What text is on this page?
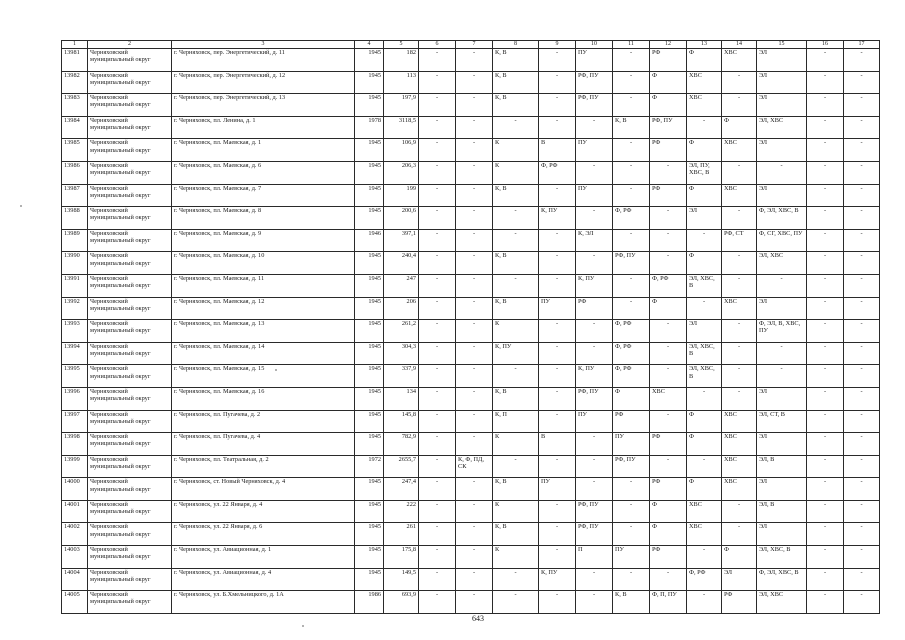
1	2	3	4	5	6	7	8	9	10	11	12	13	14	15	16	17
13981	Черняховский муниципальный округ	г. Черняховск, пер. Энергетический, д. 11	1945	182	-	-	К, В	-	ПУ	-	РФ	Ф	ХВС	ЭЛ	-	-
13982	Черняховский муниципальный округ	г. Черняховск, пер. Энергетический, д. 12	1945	113	-	-	К, В	-	РФ, ПУ	-	Ф	ХВС	-	ЭЛ	-	-
13983	Черняховский муниципальный округ	г. Черняховск, пер. Энергетический, д. 13	1945	197,9	-	-	К, В	-	РФ, ПУ	-	Ф	ХВС	-	ЭЛ	-	-
13984	Черняховский муниципальный округ	г. Черняховск, пл. Ленина, д. 1	1978	3118,5	-	-	-	-	-	К, В	РФ, ПУ	-	Ф	ЭЛ, ХВС	-	-
13985	Черняховский муниципальный округ	г. Черняховск, пл. Маевская, д. 1	1945	106,9	-	-	К	В	ПУ	-	РФ	Ф	ХВС	ЭЛ	-	-
13986	Черняховский муниципальный округ	г. Черняховск, пл. Маевская, д. 6	1945	206,3	-	-	К	Ф, РФ	-	-	-	ЭЛ, ПУ, ХВС, В	-	-	-	-
13987	Черняховский муниципальный округ	г. Черняховск, пл. Маевская, д. 7	1945	199	-	-	К, В	-	ПУ	-	РФ	Ф	ХВС	ЭЛ	-	-
13988	Черняховский муниципальный округ	г. Черняховск, пл. Маевская, д. 8	1945	200,6	-	-	-	К, ПУ	-	Ф, РФ	-	ЭЛ	-	Ф, ЭЛ, ХВС, В	-	-
13989	Черняховский муниципальный округ	г. Черняховск, пл. Маевская, д. 9	1946	397,1	-	-	-	-	К, ЭЛ	-	-	-	РФ, СТ	Ф, СГ, ХВС, ПУ	-	-
13990	Черняховский муниципальный округ	г. Черняховск, пл. Маевская, д. 10	1945	240,4	-	-	К, В	-	-	РФ, ПУ	-	Ф	-	ЭЛ, ХВС	-	-
13991	Черняховский муниципальный округ	г. Черняховск, пл. Маевская, д. 11	1945	247	-	-	-	-	К, ПУ	-	Ф, РФ	ЭЛ, ХВС, В	-	-	-	-
13992	Черняховский муниципальный округ	г. Черняховск, пл. Маевская, д. 12	1945	206	-	-	К, В	ПУ	РФ	-	Ф	-	ХВС	ЭЛ	-	-
13993	Черняховский муниципальный округ	г. Черняховск, пл. Маевская, д. 13	1945	261,2	-	-	К	-	-	Ф, РФ	-	ЭЛ	-	Ф, ЭЛ, В, ХВС, ПУ	-	-
13994	Черняховский муниципальный округ	г. Черняховск, пл. Маевская, д. 14	1945	304,3	-	-	К, ПУ	-	-	Ф, РФ	-	ЭЛ, ХВС, В	-	-	-	-
13995	Черняховский муниципальный округ	г. Черняховск, пл. Маевская, д. 15	1945	337,9	-	-	-	-	К, ПУ	Ф, РФ	-	ЭЛ, ХВС, В	-	-	-	-
13996	Черняховский муниципальный округ	г. Черняховск, пл. Маевская, д. 16	1945	134	-	-	К, В	-	РФ, ПУ	Ф	ХВС	-	-	ЭЛ	-	-
13997	Черняховский муниципальный округ	г. Черняховск, пл. Пугачева, д. 2	1945	145,8	-	-	К, П	-	ПУ	РФ	-	Ф	ХВС	ЭЛ, СТ, В	-	-
13998	Черняховский муниципальный округ	г. Черняховск, пл. Пугачева, д. 4	1945	782,9	-	-	К	В	-	ПУ	РФ	Ф	ХВС	ЭЛ	-	-
13999	Черняховский муниципальный округ	г. Черняховск, пл. Театральная, д. 2	1972	2655,7	-	К, Ф, ПД, СК	-	-	-	РФ, ПУ	-	-	ХВС	ЭЛ, В	-	-
14000	Черняховский муниципальный округ	г. Черняховск, ст. Новый Черняховск, д. 4	1945	247,4	-	-	К, В	ПУ	-	-	РФ	Ф	ХВС	ЭЛ	-	-
14001	Черняховский муниципальный округ	г. Черняховск, ул. 22 Января, д. 4	1945	222	-	-	К	-	РФ, ПУ	-	Ф	ХВС	-	ЭЛ, В	-	-
14002	Черняховский муниципальный округ	г. Черняховск, ул. 22 Января, д. 6	1945	261	-	-	К, В	-	РФ, ПУ	-	Ф	ХВС	-	ЭЛ	-	-
14003	Черняховский муниципальный округ	г. Черняховск, ул. Авиационная, д. 1	1945	175,8	-	-	К	-	П	ПУ	РФ	-	Ф	ЭЛ, ХВС, В	-	-
14004	Черняховский муниципальный округ	г. Черняховск, ул. Авиационная, д. 4	1945	149,5	-	-	-	К, ПУ	-	-	-	Ф, РФ	ЭЛ	Ф, ЭЛ, ХВС, В	-	-
14005	Черняховский муниципальный округ	г. Черняховск, ул. Б.Хмельницкого, д. 1А	1986	693,9	-	-	-	-	-	К, В	Ф, П, ПУ	-	РФ	ЭЛ, ХВС	-	-
643
